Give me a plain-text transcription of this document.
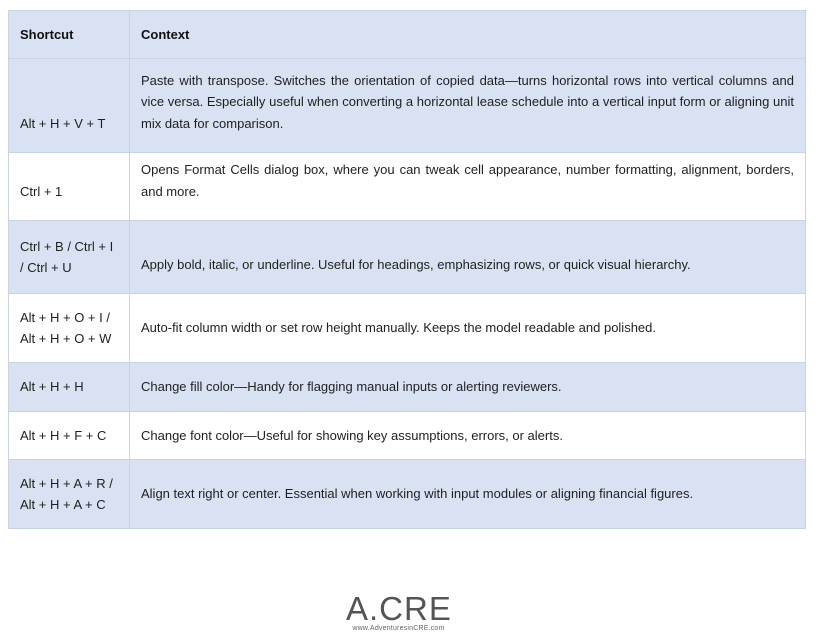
Shortcut	Context
Alt + H + V + T	Paste with transpose. Switches the orientation of copied data—turns horizontal rows into vertical columns and vice versa. Especially useful when converting a horizontal lease schedule into a vertical input form or aligning unit mix data for comparison.
Ctrl + 1	Opens Format Cells dialog box, where you can tweak cell appearance, number formatting, alignment, borders, and more.
Ctrl + B / Ctrl + I / Ctrl + U	Apply bold, italic, or underline. Useful for headings, emphasizing rows, or quick visual hierarchy.
Alt + H + O + I / Alt + H + O + W	Auto-fit column width or set row height manually. Keeps the model readable and polished.
Alt + H + H	Change fill color—Handy for flagging manual inputs or alerting reviewers.
Alt + H + F + C	Change font color—Useful for showing key assumptions, errors, or alerts.
Alt + H + A + R / Alt + H + A + C	Align text right or center. Essential when working with input modules or aligning financial figures.
A.CRE
www.AdventuresinCRE.com
